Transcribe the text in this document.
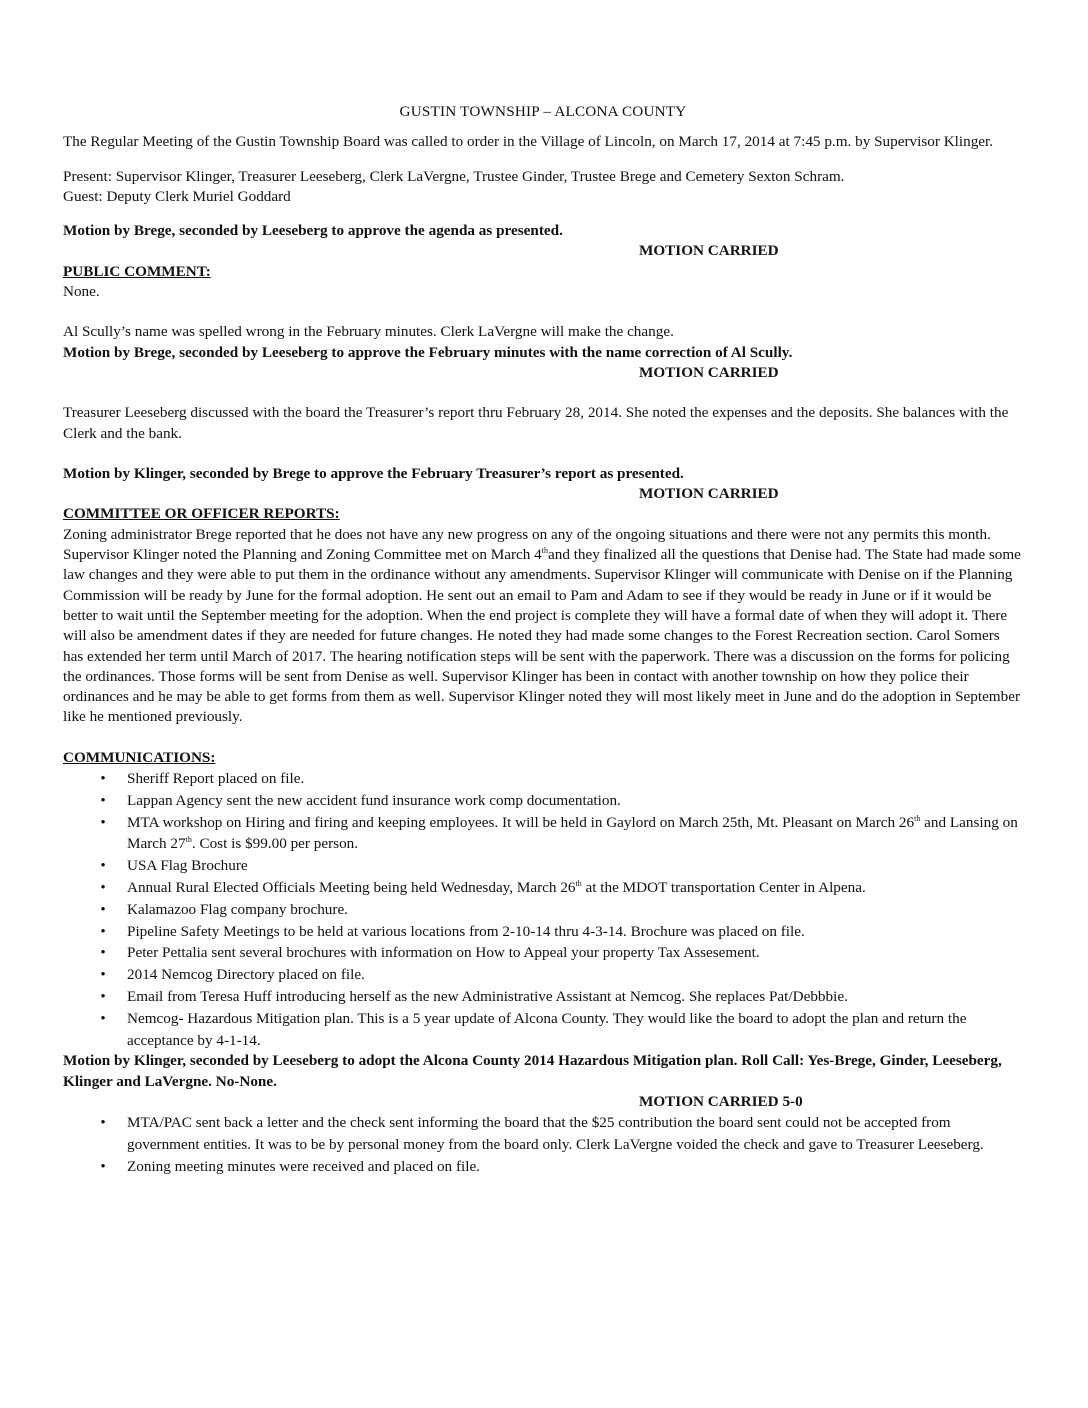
GUSTIN TOWNSHIP – ALCONA COUNTY

The Regular Meeting of the Gustin Township Board was called to order in the Village of Lincoln, on March 17, 2014 at 7:45 p.m. by Supervisor Klinger.

Present: Supervisor Klinger, Treasurer Leeseberg, Clerk LaVergne, Trustee Ginder, Trustee Brege and Cemetery Sexton Schram.

Guest: Deputy Clerk Muriel Goddard

Motion by Brege, seconded by Leeseberg to approve the agenda as presented.

MOTION CARRIED

PUBLIC COMMENT:

None.

Al Scully’s name was spelled wrong in the February minutes. Clerk LaVergne will make the change.

Motion by Brege, seconded by Leeseberg to approve the February minutes with the name correction of Al Scully.

MOTION CARRIED

Treasurer Leeseberg discussed with the board the Treasurer’s report thru February 28, 2014. She noted the expenses and the deposits. She balances with the Clerk and the bank.

Motion by Klinger, seconded by Brege to approve the February Treasurer’s report as presented.

MOTION CARRIED

COMMITTEE OR OFFICER REPORTS:

Zoning administrator Brege reported that he does not have any new progress on any of the ongoing situations and there were not any permits this month. Supervisor Klinger noted the Planning and Zoning Committee met on March 4thand they finalized all the questions that Denise had. The State had made some law changes and they were able to put them in the ordinance without any amendments. Supervisor Klinger will communicate with Denise on if the Planning Commission will be ready by June for the formal adoption. He sent out an email to Pam and Adam to see if they would be ready in June or if it would be better to wait until the September meeting for the adoption. When the end project is complete they will have a formal date of when they will adopt it. There will also be amendment dates if they are needed for future changes. He noted they had made some changes to the Forest Recreation section. Carol Somers has extended her term until March of 2017. The hearing notification steps will be sent with the paperwork. There was a discussion on the forms for policing the ordinances. Those forms will be sent from Denise as well. Supervisor Klinger has been in contact with another township on how they police their ordinances and he may be able to get forms from them as well. Supervisor Klinger noted they will most likely meet in June and do the adoption in September like he mentioned previously.

COMMUNICATIONS:

• Sheriff Report placed on file.
• Lappan Agency sent the new accident fund insurance work comp documentation.
• MTA workshop on Hiring and firing and keeping employees. It will be held in Gaylord on March 25th, Mt. Pleasant on March 26th and Lansing on March 27th. Cost is $99.00 per person.
• USA Flag Brochure
• Annual Rural Elected Officials Meeting being held Wednesday, March 26th at the MDOT transportation Center in Alpena.
• Kalamazoo Flag company brochure.
• Pipeline Safety Meetings to be held at various locations from 2-10-14 thru 4-3-14. Brochure was placed on file.
• Peter Pettalia sent several brochures with information on How to Appeal your property Tax Assesement.
• 2014 Nemcog Directory placed on file.
• Email from Teresa Huff introducing herself as the new Administrative Assistant at Nemcog. She replaces Pat/Debbbie.
• Nemcog- Hazardous Mitigation plan. This is a 5 year update of Alcona County. They would like the board to adopt the plan and return the acceptance by 4-1-14.

Motion by Klinger, seconded by Leeseberg to adopt the Alcona County 2014 Hazardous Mitigation plan. Roll Call: Yes-Brege, Ginder, Leeseberg, Klinger and LaVergne. No-None.

MOTION CARRIED 5-0

• MTA/PAC sent back a letter and the check sent informing the board that the $25 contribution the board sent could not be accepted from government entities. It was to be by personal money from the board only. Clerk LaVergne voided the check and gave to Treasurer Leeseberg.
• Zoning meeting minutes were received and placed on file.
